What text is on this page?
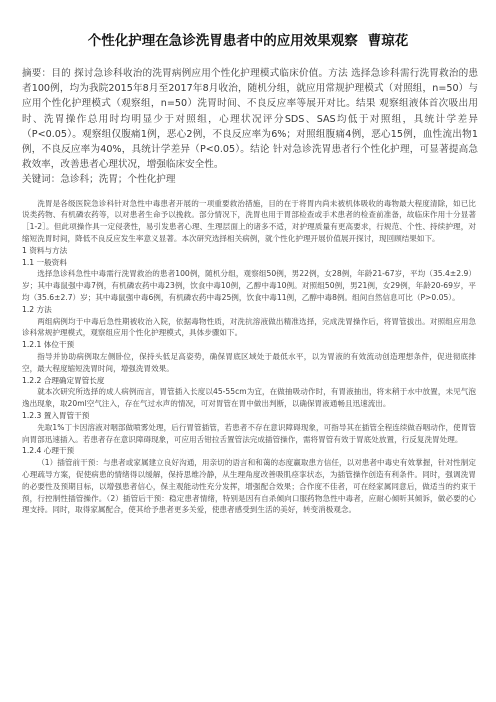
个性化护理在急诊洗胃患者中的应用效果观察 曹琼花

摘要：目的 探讨急诊科收治的洗胃病例应用个性化护理模式临床价值。方法 选择急诊科需行洗胃救治的患者100例，均为我院2015年8月至2017年8月收治，随机分组，就应用常规护理模式（对照组，n=50）与应用个性化护理模式（观察组，n=50）洗胃时间、不良反应率等展开对比。结果 观察组液体首次吸出用时、洗胃操作总用时均明显少于对照组，心理状况评分SDS、SAS均低于对照组，具统计学差异（P<0.05）。观察组仅腹痛1例，恶心2例，不良反应率为6%；对照组腹痛4例，恶心15例，血性流出物1例，不良反应率为40%，具统计学差异（P<0.05）。结论 针对急诊洗胃患者行个性化护理，可显著提高急救效率，改善患者心理状况，增强临床安全性。

关键词：急诊科；洗胃；个性化护理

洗胃是各级医院急诊科针对急性中毒患者开展的一项重要救治措施，目的在于将胃内尚未被机体吸收的毒物最大程度清除，如已比说类药物、有机磷农药等，以对患者生命予以挽救。部分情况下，洗胃也用于胃部检查或手术患者的检查前准备，故临床作用十分显著［1-2］。但此项操作具一定侵袭性，易引发患者心理、生理层面上的诸多不适，对护理质量有更高要求，行规范、个性、持续护理，对缩短洗胃时间，降低不良反应发生率意义显著。本次研究选择相关病例，就个性化护理开展价值展开探讨，现回顾结果如下。

1 资料与方法

1.1 一般资料

选择急诊科急性中毒需行洗胃救治的患者100例，随机分组，观察组50例，男22例，女28例，年龄21-67岁，平均（35.4±2.9）岁；其中毒鼠强中毒7例，有机磷农药中毒23例，饮食中毒10例，乙醇中毒10例。对照组50例，男21例，女29例，年龄20-69岁，平均（35.6±2.7）岁；其中毒鼠强中毒6例，有机磷农药中毒25例，饮食中毒11例，乙醇中毒8例。组间自然信息可比（P>0.05）。

1.2 方法

两组病例均于中毒后急性期被收治入院，依据毒物性质，对洗抗溶液做出精准选择，完成洗胃操作后，将胃管拔出。对照组应用急诊科常规护理模式，观察组应用个性化护理模式，具体步骤如下。

1.2.1 体位干预

指导并协助病例取左侧卧位，保持头低足高姿势，确保胃底区域处于最低水平，以为胃液的有效流动创造理想条件，促进彻底排空，最大程度缩短洗胃时间，增强洗胃效果。

1.2.2 合理确定胃管长度

就本次研究所选择的成人病例而言，胃管插入长度以45-55cm为宜，在做抽吸动作时，有胃液抽出，将末稍于水中放置，未见气泡逸出现象，取20ml空气注入，存在气过水声的情况，可对胃管在胃中做出判断，以确保胃液通畅且迅速流出。

1.2.3 置入胃管干预

先取1%丁卡因溶液对咽部做喷雾处理，后行胃管插管，若患者不存在意识障碍现象，可指导其在插管全程连续做吞咽动作，使胃管向胃部迅速插入。若患者存在意识障碍现象，可应用舌钳拉舌置管法完成插管操作，需将胃管有效于胃底处放置，行反复洗胃处理。

1.2.4 心理干预

（1）插管前干预：与患者或家属建立良好沟通，用亲切的语言和和蔼的态度赢取患方信任，以对患者中毒史有效掌握，针对性制定心理疏导方案，促使病患的情绪得以缓解，保持思维冷静，从生理角度改善吸肌痉挛状态，为插管操作创造有利条件。同时，强调洗胃的必要性及预期目标，以增强患者信心，保主观能动性充分发挥，增强配合效果；合作度不佳者，可在经家属同意后，做适当的约束干预，行控制性插管操作。（2）插管后干预：稳定患者情绪，特别是因有自杀倾向口服药物急性中毒者，应耐心倾听其倾诉，做必要的心理支持。同时，取得家属配合，使其给予患者更多关爱，使患者感受到生活的美好，转变消极观念。
